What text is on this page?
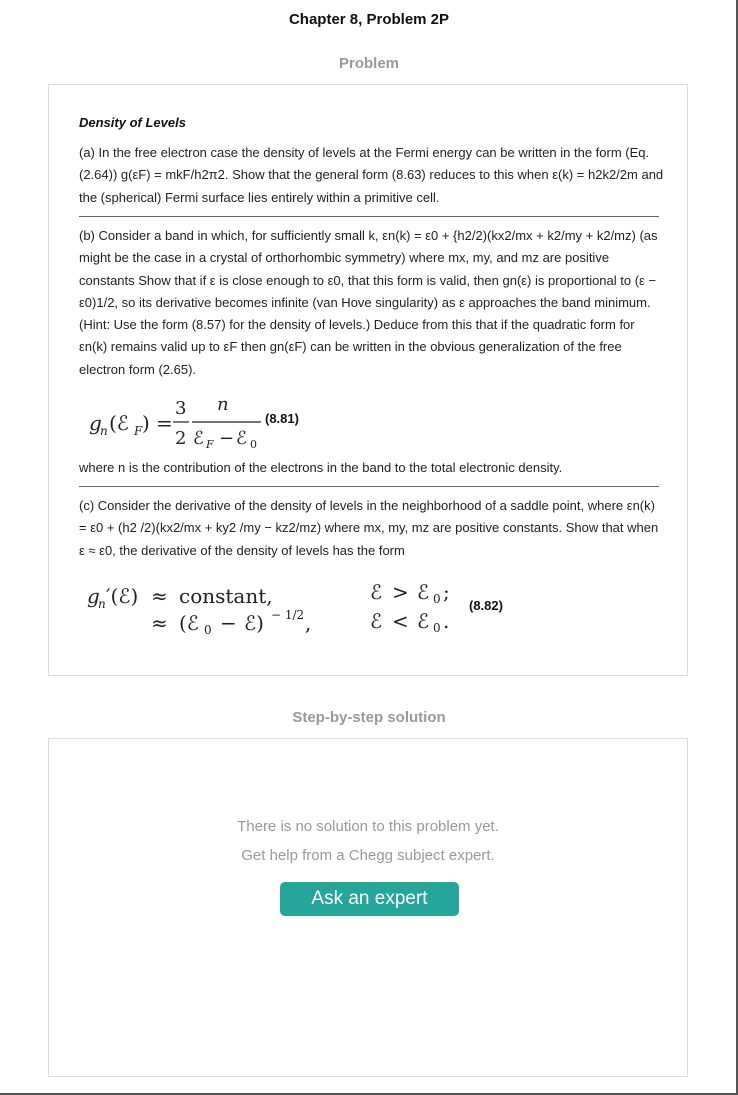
Chapter 8, Problem 2P
Problem
Density of Levels
(a) In the free electron case the density of levels at the Fermi energy can be written in the form (Eq. (2.64)) g(εF) = mkF/h2π2. Show that the general form (8.63) reduces to this when ε(k) = h2k2/2m and the (spherical) Fermi surface lies entirely within a primitive cell.
(b) Consider a band in which, for sufficiently small k, εn(k) = ε0 + {h2/2)(kx2/mx + k2/my + k2/mz) (as might be the case in a crystal of orthorhombic symmetry) where mx, my, and mz are positive constants Show that if ε is close enough to ε0, that this form is valid, then gn(ε) is proportional to (ε − ε0)1/2, so its derivative becomes infinite (van Hove singularity) as ε approaches the band minimum. (Hint: Use the form (8.57) for the density of levels.) Deduce from this that if the quadratic form for εn(k) remains valid up to εF then gn(εF) can be written in the obvious generalization of the free electron form (2.65).
g
n (ℰ F ) =
3
2
n
ℰ F − ℰ 0
(8.81)
where n is the contribution of the electrons in the band to the total electronic density.
(c) Consider the derivative of the density of levels in the neighborhood of a saddle point, where εn(k) = ε0 + (h2 /2)(kx2/mx + ky2 /my − kz2/mz) where mx, my, mz are positive constants. Show that when ε ≈ ε0, the derivative of the density of levels has the form
g
n ′(ℰ) ≈ constant,
≈ (ℰ 0 − ℰ) − 1/2 ,
ℰ > ℰ 0 ;
ℰ < ℰ 0 .
(8.82)
Step-by-step solution
There is no solution to this problem yet.
Get help from a Chegg subject expert.
Ask an expert
